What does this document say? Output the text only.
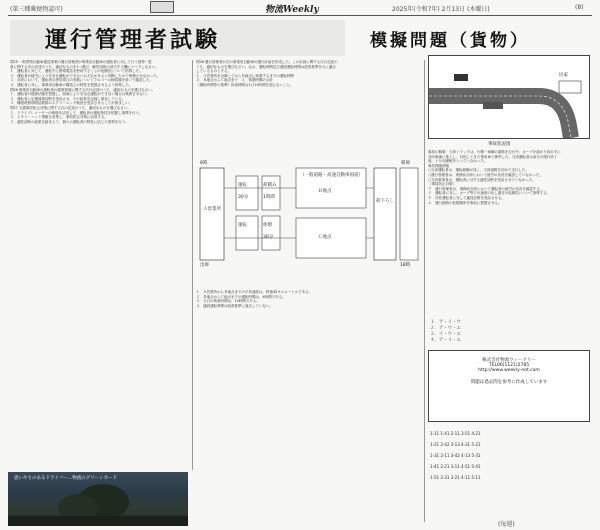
(第三種郵便物認可)	物流Weekly	2025年(令和7年) 2月13日 (木曜日)	(8)
運行管理者試験	模擬問題（貨物）
民家
事故状況図
問25 一般貨物自動車運送事業の運行管理者が事業用自動車の運転者に対して行う指導・監
督に関する次の記述のうち、適切なものを1つ選び、解答用紙の該当する欄にマークしなさい。
１．運転者に対して、運転中に携帯電話を使用することの危険性について指導した。
２．運転者が疲労により安全な運転ができないおそれがあると判断したので乗務させなかった。
３．点呼において、運転者の酒気帯びの有無についてアルコール検知器を用いて確認した。
４．運転者に対し、事業用自動車の構造上の特性を把握させるよう指導した。
問26 事業用自動車の運転者の健康管理に関する次の記述のうち、適切なものを選びなさい。
１．運転者の健康状態を把握し、疾病により安全な運転ができない場合は乗務させない。
２．運転者に定期健康診断を受診させ、その結果を記録し保存している。
３．睡眠時無呼吸症候群のスクリーニング検査を受診させることが望ましい。
問27 交通事故防止対策に関する次の記述のうち、適切なものを選びなさい。
１．ドライブレコーダーの映像を活用して、運転者の運転特性を把握し指導を行う。
２．ヒヤリ・ハット情報を収集し、事故防止対策に活用する。
３．適性診断の結果を踏まえて、個々の運転者の特性に応じた指導を行う。
問28 運行管理者が次の事業用自動車の運行計画を作成した。この計画に関する次の記述の
うち、適切なものを選びなさい。なお、運転時間及び連続運転時間は改善基準告示に適合
しているものとする。
１．Ａ営業所を出庫してからＢ地点に到着するまでの運転時間
２．Ｂ地点からＣ地点まで　３．休憩時間の合計
（運転時間等の基準）拘束時間は1日13時間を超えないこと。
6時
Ａ営業所
運転
30分
荷積み
1時間
運転	休憩
30分
（一般道路・高速自動車国道）
Ｂ地点
Ｃ地点
荷下ろし
帰庫
18時
出庫
１．Ａ営業所からＢ地点までの平均速度は、時速30キロメートルである。
２．Ｂ地点からＣ地点までの運転時間は、4時間である。
３．当日の拘束時間は、12時間である。
４．連続運転時間は改善基準に違反していない。
事故の概要：当該トラックは、片側一車線の道路を走行中、カーブを曲がり切れずに
対向車線に進入し、対向してきた乗用車と衝突した。当該運転者は前日の運行終了
後、十分な睡眠をとっていなかった。
事故関連情報
○当該運転者は、運転経験が浅く、当該道路を初めて走行した。
○運行管理者は、乗務前点呼において疲労の状況を確認していなかった。
○当該事業者は、運転者に対する適性診断を受診させていなかった。
（事故防止対策）
ア　運行管理者は、乗務前点呼において運転者の疲労の状況を確認する。
イ　運転者に対し、カーブ等での速度の出し過ぎの危険性について指導する。
ウ　初任運転者に対して適性診断を受診させる。
エ　運行経路の危険箇所を事前に把握させる。
１．ア・イ・ウ
２．ア・ウ・エ
３．イ・ウ・エ
４．ア・イ・エ
株式会社物流ウィークリー
TEL06(1121)2785
http://www.weekly-net.com
問題は過去問を参考に作成しています
1-11 1-41 2-11 3-51 4-21
1-21 2-42 3-13 4-31 5-21
1-31 2-11 3-42 4-13 5-31
1-41 2-21 3-11 4-51 5-41
1-51 2-31 3-21 4-11 5-11
思いやりのあるドライバー…物流のグリーンカード
(毎週)
